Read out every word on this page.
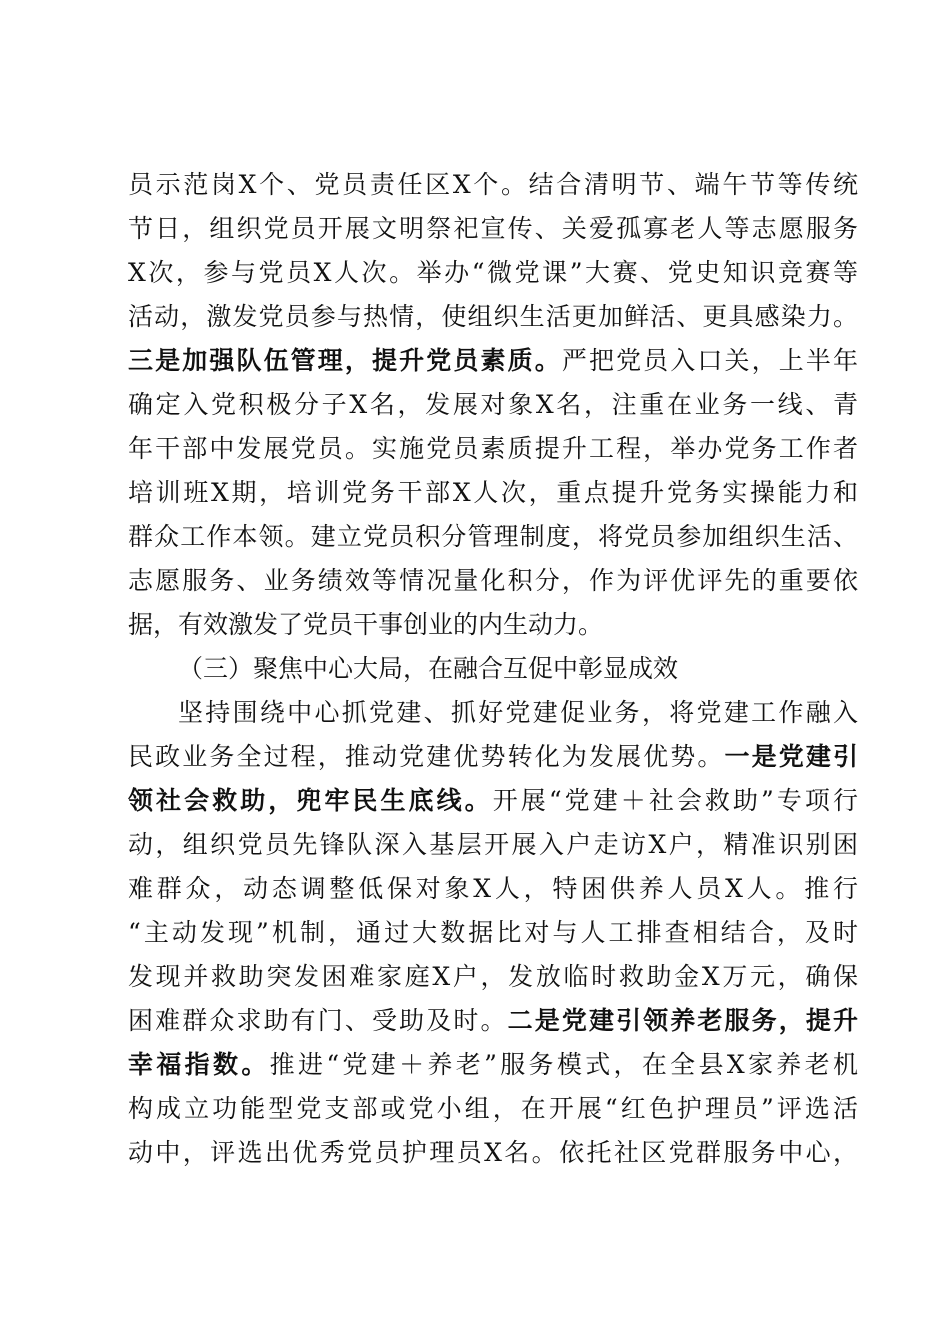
员示范岗X个、党员责任区X个。结合清明节、端午节等传统
节日，组织党员开展文明祭祀宣传、关爱孤寡老人等志愿服务
X次，参与党员X人次。举办“微党课”大赛、党史知识竞赛等
活动，激发党员参与热情，使组织生活更加鲜活、更具感染力。
三是加强队伍管理，提升党员素质。严把党员入口关，上半年
确定入党积极分子X名，发展对象X名，注重在业务一线、青
年干部中发展党员。实施党员素质提升工程，举办党务工作者
培训班X期，培训党务干部X人次，重点提升党务实操能力和
群众工作本领。建立党员积分管理制度，将党员参加组织生活、
志愿服务、业务绩效等情况量化积分，作为评优评先的重要依
据，有效激发了党员干事创业的内生动力。
（三）聚焦中心大局，在融合互促中彰显成效
坚持围绕中心抓党建、抓好党建促业务，将党建工作融入
民政业务全过程，推动党建优势转化为发展优势。一是党建引
领社会救助，兜牢民生底线。开展“党建＋社会救助”专项行
动，组织党员先锋队深入基层开展入户走访X户，精准识别困
难群众，动态调整低保对象X人，特困供养人员X人。推行
“主动发现”机制，通过大数据比对与人工排查相结合，及时
发现并救助突发困难家庭X户，发放临时救助金X万元，确保
困难群众求助有门、受助及时。二是党建引领养老服务，提升
幸福指数。推进“党建＋养老”服务模式，在全县X家养老机
构成立功能型党支部或党小组，在开展“红色护理员”评选活
动中，评选出优秀党员护理员X名。依托社区党群服务中心，
